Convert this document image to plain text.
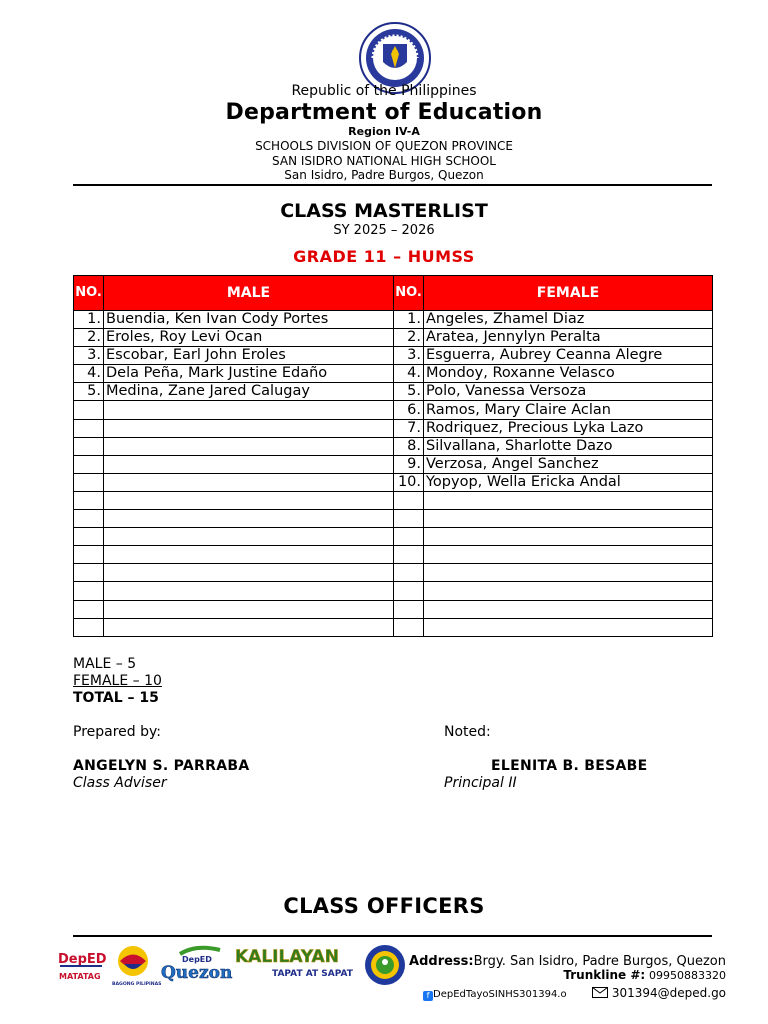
Republic of the Philippines
Department of Education
Region IV-A
SCHOOLS DIVISION OF QUEZON PROVINCE
SAN ISIDRO NATIONAL HIGH SCHOOL
San Isidro, Padre Burgos, Quezon
CLASS MASTERLIST
SY 2025 – 2026
GRADE 11 – HUMSS
NO.	MALE	NO.	FEMALE
1.	Buendia, Ken Ivan Cody Portes	1.	Angeles, Zhamel Diaz
2.	Eroles, Roy Levi Ocan	2.	Aratea, Jennylyn Peralta
3.	Escobar, Earl John Eroles	3.	Esguerra, Aubrey Ceanna Alegre
4.	Dela Peña, Mark Justine Edaño	4.	Mondoy, Roxanne Velasco
5.	Medina, Zane Jared Calugay	5.	Polo, Vanessa Versoza
		6.	Ramos, Mary Claire Aclan
		7.	Rodriquez, Precious Lyka Lazo
		8.	Silvallana, Sharlotte Dazo
		9.	Verzosa, Angel Sanchez
		10.	Yopyop, Wella Ericka Andal

MALE – 5
FEMALE – 10
TOTAL – 15
Prepared by:	Noted:
ANGELYN S. PARRABA	ELENITA B. BESABE
Class Adviser	Principal II
CLASS OFFICERS
DepED
MATATAG
BAGONG PILIPINAS
DepED
Quezon
KALILAYAN
TAPAT AT SAPAT
Address:Brgy. San Isidro, Padre Burgos, Quezon
Trunkline #: 09950883320
f DepEdTayoSINHS301394.o	301394@deped.go
